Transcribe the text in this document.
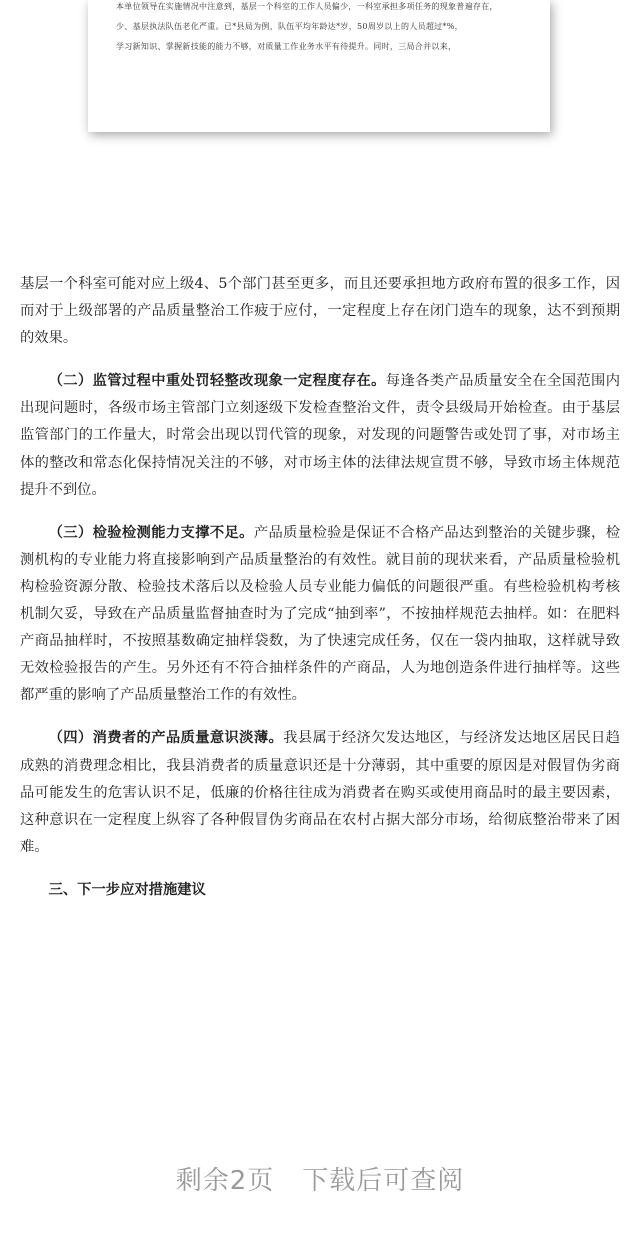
本单位领导在实施情况中注意到，基层一个科室的工作人员偏少，一科室承担多项任务的现象普遍存在，
少、基层执法队伍老化严重。已*县局为例，队伍平均年龄达*岁，50周岁以上的人员超过*%，
学习新知识、掌握新技能的能力不够，对质量工作业务水平有待提升。同时，三局合并以来，

基层一个科室可能对应上级4、5个部门甚至更多，而且还要承担地方政府布置的很多工作，因而对于上级部署的产品质量整治工作疲于应付，一定程度上存在闭门造车的现象，达不到预期的效果。

（二）监管过程中重处罚轻整改现象一定程度存在。每逢各类产品质量安全在全国范围内出现问题时，各级市场主管部门立刻逐级下发检查整治文件，责令县级局开始检查。由于基层监管部门的工作量大，时常会出现以罚代管的现象，对发现的问题警告或处罚了事，对市场主体的整改和常态化保持情况关注的不够，对市场主体的法律法规宣贯不够，导致市场主体规范提升不到位。

（三）检验检测能力支撑不足。产品质量检验是保证不合格产品达到整治的关键步骤，检测机构的专业能力将直接影响到产品质量整治的有效性。就目前的现状来看，产品质量检验机构检验资源分散、检验技术落后以及检验人员专业能力偏低的问题很严重。有些检验机构考核机制欠妥，导致在产品质量监督抽查时为了完成“抽到率”，不按抽样规范去抽样。如：在肥料产商品抽样时，不按照基数确定抽样袋数，为了快速完成任务，仅在一袋内抽取，这样就导致无效检验报告的产生。另外还有不符合抽样条件的产商品，人为地创造条件进行抽样等。这些都严重的影响了产品质量整治工作的有效性。

（四）消费者的产品质量意识淡薄。我县属于经济欠发达地区，与经济发达地区居民日趋成熟的消费理念相比，我县消费者的质量意识还是十分薄弱，其中重要的原因是对假冒伪劣商品可能发生的危害认识不足，低廉的价格往往成为消费者在购买或使用商品时的最主要因素，这种意识在一定程度上纵容了各种假冒伪劣商品在农村占据大部分市场，给彻底整治带来了困难。

三、下一步应对措施建议

剩余2页 下载后可查阅
